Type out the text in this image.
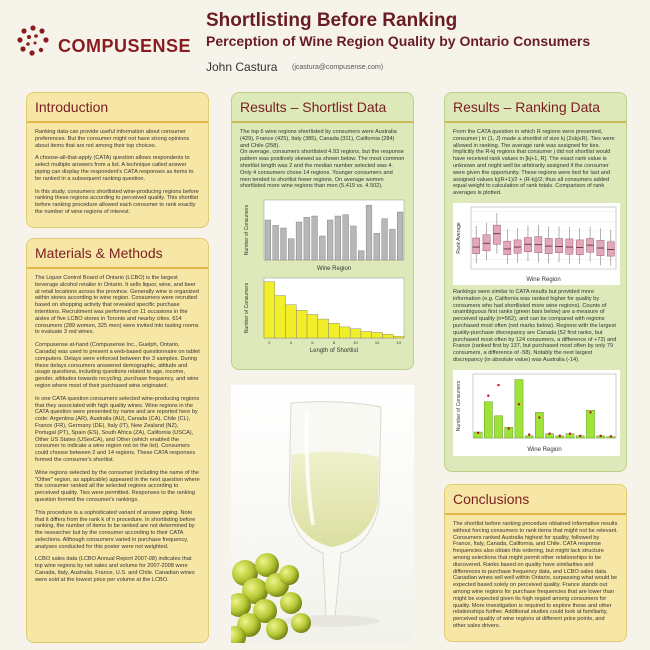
COMPUSENSE
Shortlisting Before Ranking
Perception of Wine Region Quality by Ontario Consumers
John Castura (jcastura@compusense.com)
Introduction

Ranking data can provide useful information about consumer preferences. But the consumer might not have strong opinions about items that are not among their top choices.

A choose-all-that-apply (CATA) question allows respondents to select multiple answers from a list. A technique called answer piping can display the respondent's CATA responses as items to be ranked in a subsequent ranking question.

In this study, consumers shortlisted wine-producing regions before ranking these regions according to perceived quality. This shortlist before ranking procedure allowed each consumer to rank exactly the number of wine regions of interest.

Materials & Methods

The Liquor Control Board of Ontario (LCBO) is the largest beverage alcohol retailer in Ontario. It sells liquor, wine, and beer at retail locations across the province. Generally wine is organized within stores according to wine region. Consumers were recruited based on shopping activity that revealed specific purchase intentions. Recruitment was performed on 11 occasions in the aisles of five LCBO stores in Toronto and nearby cities. 614 consumers (289 women, 325 men) were invited into tasting rooms to evaluate 3 red wines.

Compusense at-hand (Compusense Inc., Guelph, Ontario, Canada) was used to present a web-based questionnaire on tablet computers. Delays were enforced between the 3 samples. During these delays consumers answered demographic, attitude and usage questions, including questions related to age, income, gender, attitudes towards recycling, purchase frequency, and wine region where most of their purchased wine originated.

In one CATA question consumers selected wine-producing regions that they associated with high quality wines. Wine regions in the CATA question were presented by name and are reported here by code: Argentina (AR), Australia (AU), Canada (CA), Chile (CL), France (FR), Germany (DE), Italy (IT), New Zealand (NZ), Portugal (PT), Spain (ES), South Africa (ZA), California (USCA), Other US States (USexCA), and Other (which enabled the consumer to indicate a wine region not on the list). Consumers could choose between 2 and 14 regions. These CATA responses formed the consumer's shortlist.

Wine regions selected by the consumer (including the name of the "Other" region, as applicable) appeared in the next question where the consumer ranked all the selected regions according to perceived quality. Ties were permitted. Responses to the ranking question formed the consumer's rankings.

This procedure is a sophisticated variant of answer piping. Note that it differs from the rank k of n procedure. In shortlisting before ranking, the number of items to be ranked are not determined by the researcher but by the consumer according to their CATA selections. Although consumers varied in purchase frequency, analyses conducted for this poster were not weighted.

LCBO sales data (LCBO Annual Report 2007-08) indicates that top wine regions by net sales and volume for 2007-2008 were Canada, Italy, Australia, France, U.S. and Chile. Canadian wines were sold at the lowest price per volume at the LCBO.

Results – Shortlist Data

The top 6 wine regions shortlisted by consumers were Australia (429), France (425), Italy (385), Canada (311), California (284) and Chile (258).

On average, consumers shortlisted 4.93 regions, but the response pattern was positively skewed as shown below. The most common shortlist length was 2 and the median number selected was 4. Only 4 consumers chose 14 regions. Younger consumers and men tended to shortlist fewer regions. On average women shortlisted more wine regions than men (5.419 vs. 4.502).

Wine Region
Number of Consumers
2	4	6	8	10	12	14
Length of Shortlist
Number of Consumers
Results – Ranking Data

From the CATA question in which R regions were presented, consumer j in {1, J} made a shortlist of size kj (2≤kj≤R). Ties were allowed in ranking. The average rank was assigned for ties. Implicitly the R-kj regions that consumer j did not shortlist would have received rank values in [kj+1, R]. The exact rank value is unknown and might well be arbitrarily assigned if the consumer were given the opportunity. These regions were tied for last and assigned values kj(R+1)/2 + (R-kj)/2; thus all consumers added equal weight to calculation of rank totals. Comparison of rank averages is plotted.

Wine Region
Rank Average

Rankings were similar to CATA results but provided more information (e.g. California was ranked higher for quality by consumers who had shortlisted more wine regions). Counts of unambiguous first ranks (green bars below) are a measure of perceived quality (n=562), and can be compared with regions purchased most often (red marks below). Regions with the largest quality-purchase discrepancy are Canada (52 first ranks, but purchased most often by 124 consumers, a difference of +72) and France (ranked first by 137, but purchased most often by only 79 consumers, a difference of -58). Notably the next largest discrepancy (in absolute value) was Australia (-14).

Wine Region
Number of Consumers
Conclusions

The shortlist before ranking procedure obtained informative results without forcing consumers to rank items that might not be relevant. Consumers ranked Australia highest for quality, followed by France, Italy, Canada, California, and Chile. CATA response frequencies also obtain this ordering, but might lack structure among selections that might permit other relationships to be discovered. Ranks based on quality have similarities and differences to purchase frequency data, and LCBO sales data. Canadian wines sell well within Ontario, surpassing what would be expected based solely on perceived quality. France stands out among wine regions for purchase frequencies that are lower than might be expected given its high regard among consumers for quality. More investigation is required to explore these and other relationships further. Additional studies could look at familiarity, perceived quality of wine regions at different price points, and other sales drivers.
